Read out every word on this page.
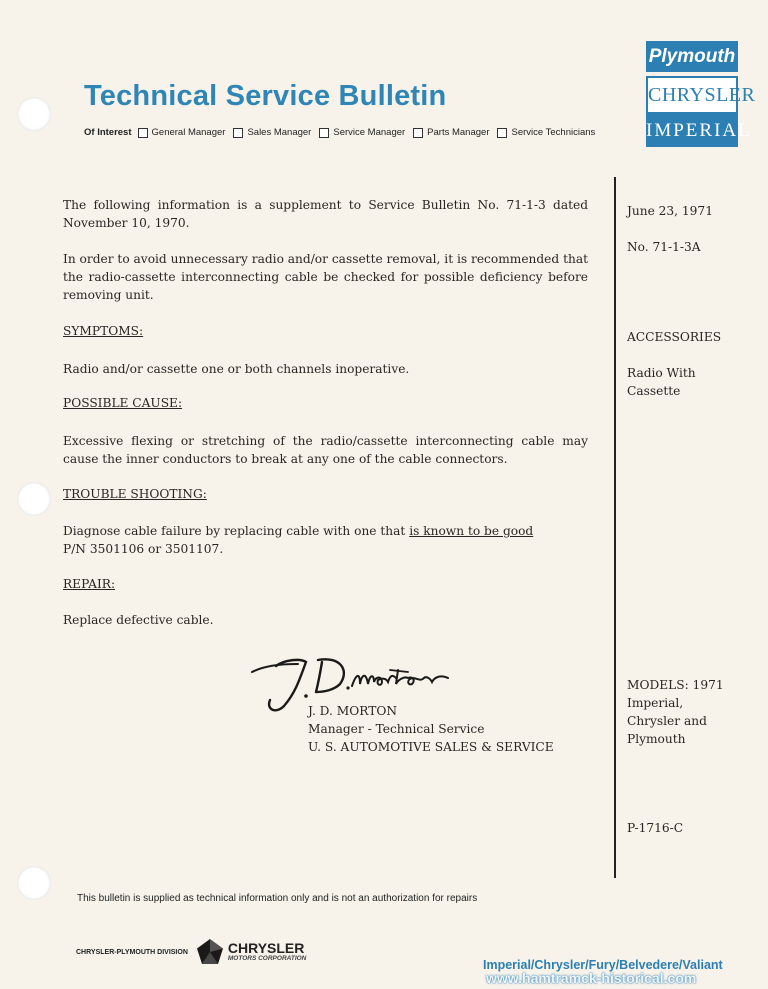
Technical Service Bulletin
Of Interest General Manager Sales Manager Service Manager Parts Manager Service Technicians
Plymouth
CHRYSLER
IMPERIAL
The following information is a supplement to Service Bulletin No. 71-1-3 dated November 10, 1970.
In order to avoid unnecessary radio and/or cassette removal, it is recommended that the radio-cassette interconnecting cable be checked for possible deficiency before removing unit.
SYMPTOMS:
Radio and/or cassette one or both channels inoperative.
POSSIBLE CAUSE:
Excessive flexing or stretching of the radio/cassette interconnecting cable may cause the inner conductors to break at any one of the cable connectors.
TROUBLE SHOOTING:
Diagnose cable failure by replacing cable with one that is known to be good
P/N 3501106 or 3501107.
REPAIR:
Replace defective cable.
J. D. MORTON
Manager - Technical Service
U. S. AUTOMOTIVE SALES & SERVICE
June 23, 1971
No. 71-1-3A
ACCESSORIES
Radio With
Cassette
MODELS: 1971
Imperial,
Chrysler and
Plymouth
P-1716-C
This bulletin is supplied as technical information only and is not an authorization for repairs
CHRYSLER-PLYMOUTH DIVISION	CHRYSLER
MOTORS CORPORATION	Imperial/Chrysler/Fury/Belvedere/Valiant
www.hamtramck-historical.com
